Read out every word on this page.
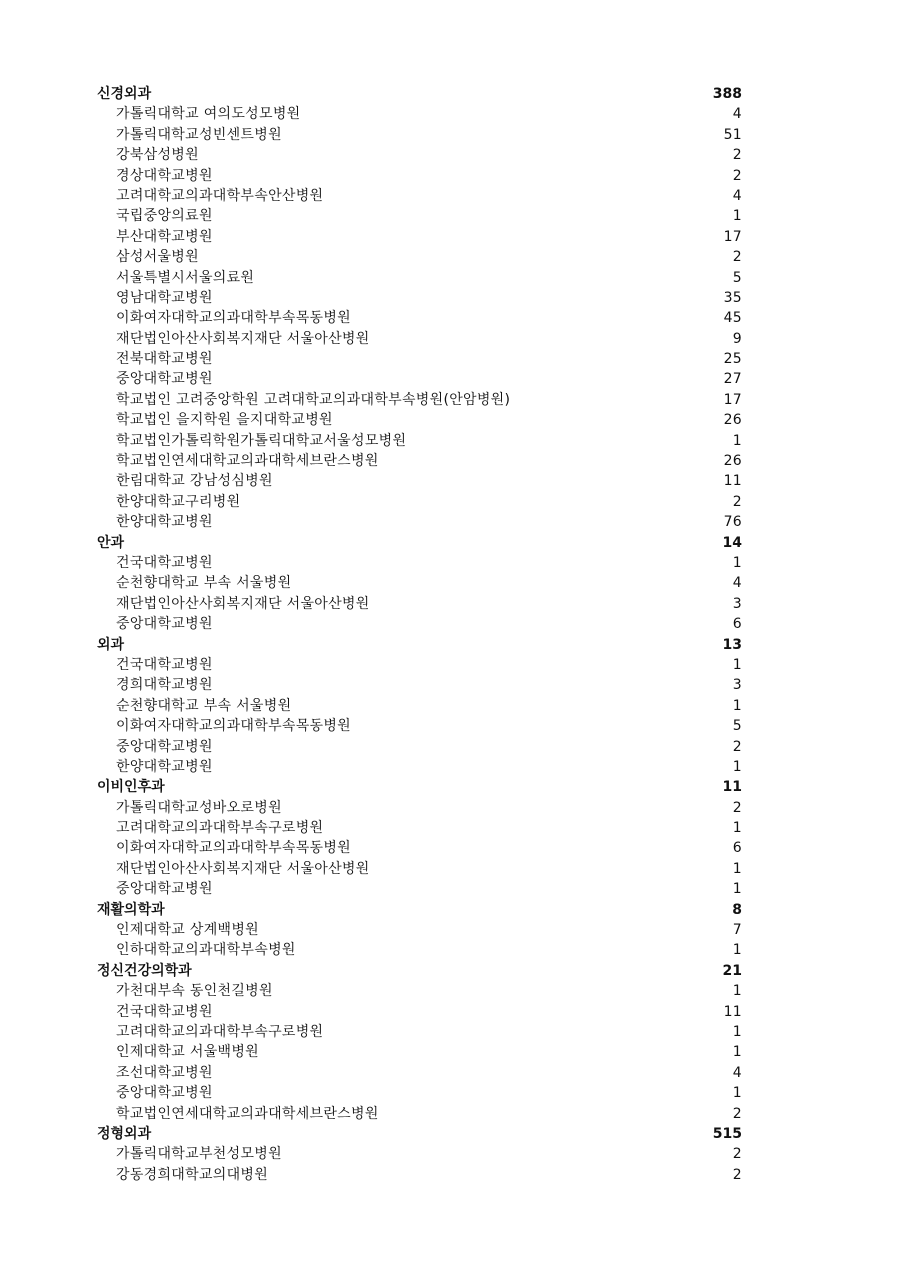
신경외과	388
가톨릭대학교 여의도성모병원	4
가톨릭대학교성빈센트병원	51
강북삼성병원	2
경상대학교병원	2
고려대학교의과대학부속안산병원	4
국립중앙의료원	1
부산대학교병원	17
삼성서울병원	2
서울특별시서울의료원	5
영남대학교병원	35
이화여자대학교의과대학부속목동병원	45
재단법인아산사회복지재단 서울아산병원	9
전북대학교병원	25
중앙대학교병원	27
학교법인 고려중앙학원 고려대학교의과대학부속병원(안암병원)	17
학교법인 을지학원 을지대학교병원	26
학교법인가톨릭학원가톨릭대학교서울성모병원	1
학교법인연세대학교의과대학세브란스병원	26
한림대학교 강남성심병원	11
한양대학교구리병원	2
한양대학교병원	76
안과	14
건국대학교병원	1
순천향대학교 부속 서울병원	4
재단법인아산사회복지재단 서울아산병원	3
중앙대학교병원	6
외과	13
건국대학교병원	1
경희대학교병원	3
순천향대학교 부속 서울병원	1
이화여자대학교의과대학부속목동병원	5
중앙대학교병원	2
한양대학교병원	1
이비인후과	11
가톨릭대학교성바오로병원	2
고려대학교의과대학부속구로병원	1
이화여자대학교의과대학부속목동병원	6
재단법인아산사회복지재단 서울아산병원	1
중앙대학교병원	1
재활의학과	8
인제대학교 상계백병원	7
인하대학교의과대학부속병원	1
정신건강의학과	21
가천대부속 동인천길병원	1
건국대학교병원	11
고려대학교의과대학부속구로병원	1
인제대학교 서울백병원	1
조선대학교병원	4
중앙대학교병원	1
학교법인연세대학교의과대학세브란스병원	2
정형외과	515
가톨릭대학교부천성모병원	2
강동경희대학교의대병원	2
